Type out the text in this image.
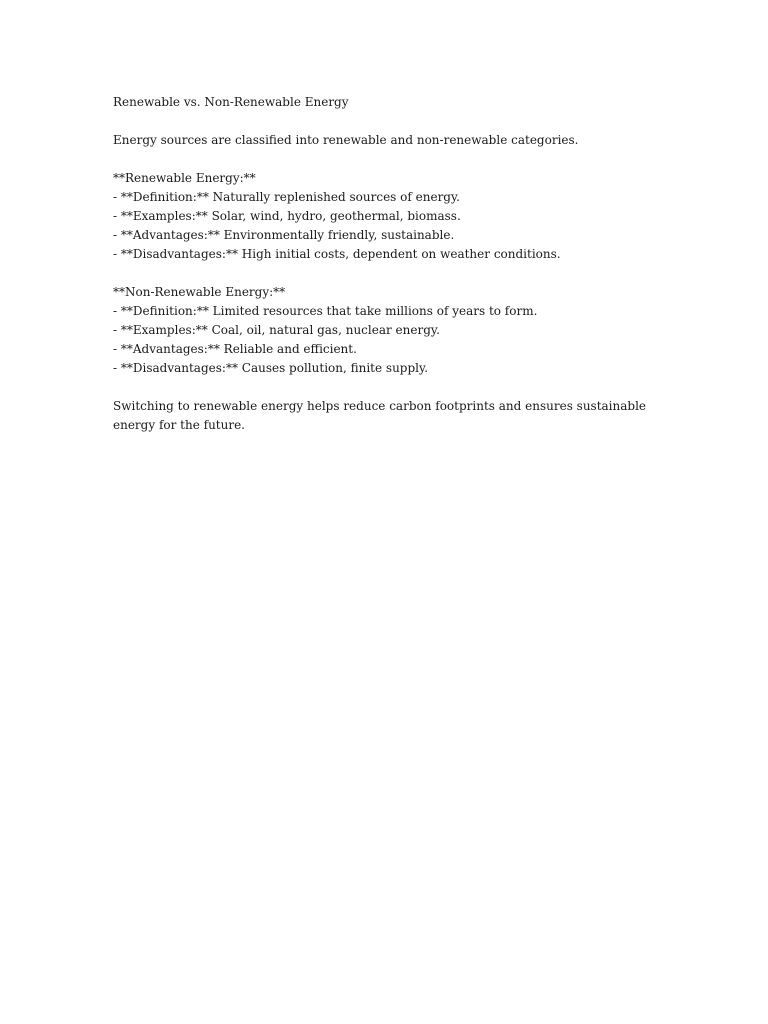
Renewable vs. Non-Renewable Energy
Energy sources are classified into renewable and non-renewable categories.
**Renewable Energy:**
- **Definition:** Naturally replenished sources of energy.
- **Examples:** Solar, wind, hydro, geothermal, biomass.
- **Advantages:** Environmentally friendly, sustainable.
- **Disadvantages:** High initial costs, dependent on weather conditions.
**Non-Renewable Energy:**
- **Definition:** Limited resources that take millions of years to form.
- **Examples:** Coal, oil, natural gas, nuclear energy.
- **Advantages:** Reliable and efficient.
- **Disadvantages:** Causes pollution, finite supply.
Switching to renewable energy helps reduce carbon footprints and ensures sustainable
energy for the future.
